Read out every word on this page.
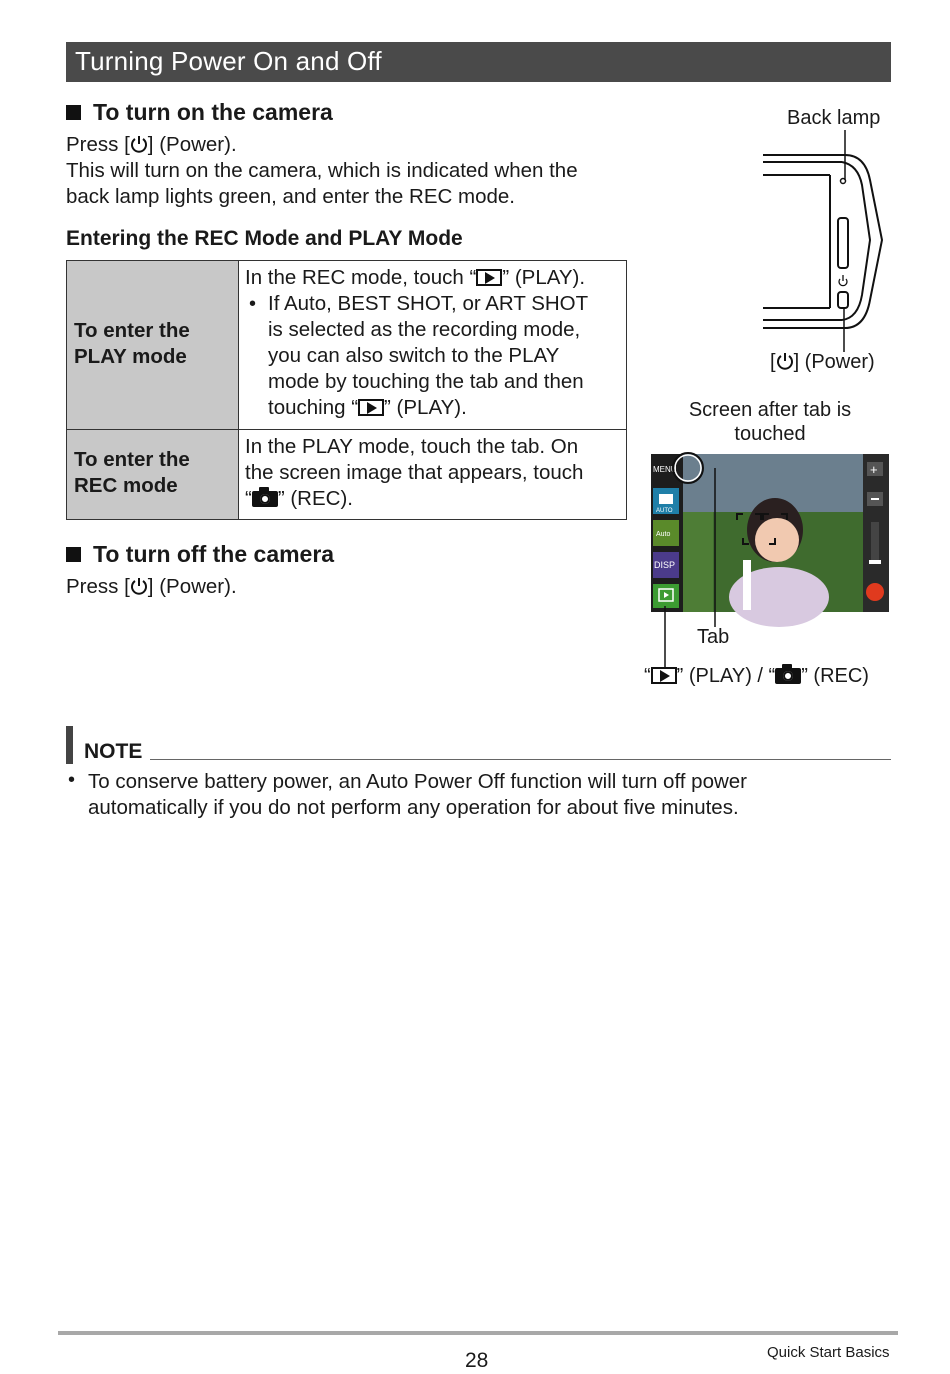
Turning Power On and Off
To turn on the camera
Press [ ] (Power).
This will turn on the camera, which is indicated when the
back lamp lights green, and enter the REC mode.
Entering the REC Mode and PLAY Mode
To enter the
PLAY mode
In the REC mode, touch “ ” (PLAY).
• If Auto, BEST SHOT, or ART SHOT
is selected as the recording mode,
you can also switch to the PLAY
mode by touching the tab and then
touching “ ” (PLAY).
To enter the
REC mode
In the PLAY mode, touch the tab. On
the screen image that appears, touch
“ ” (REC).
To turn off the camera
Press [ ] (Power).
Back lamp
[ ] (Power)
Screen after tab is
touched
MENU
AUTO
Auto
DISP
+
Tab
“ ” (PLAY) / “ ” (REC)
NOTE
• To conserve battery power, an Auto Power Off function will turn off power
automatically if you do not perform any operation for about five minutes.
28	Quick Start Basics
